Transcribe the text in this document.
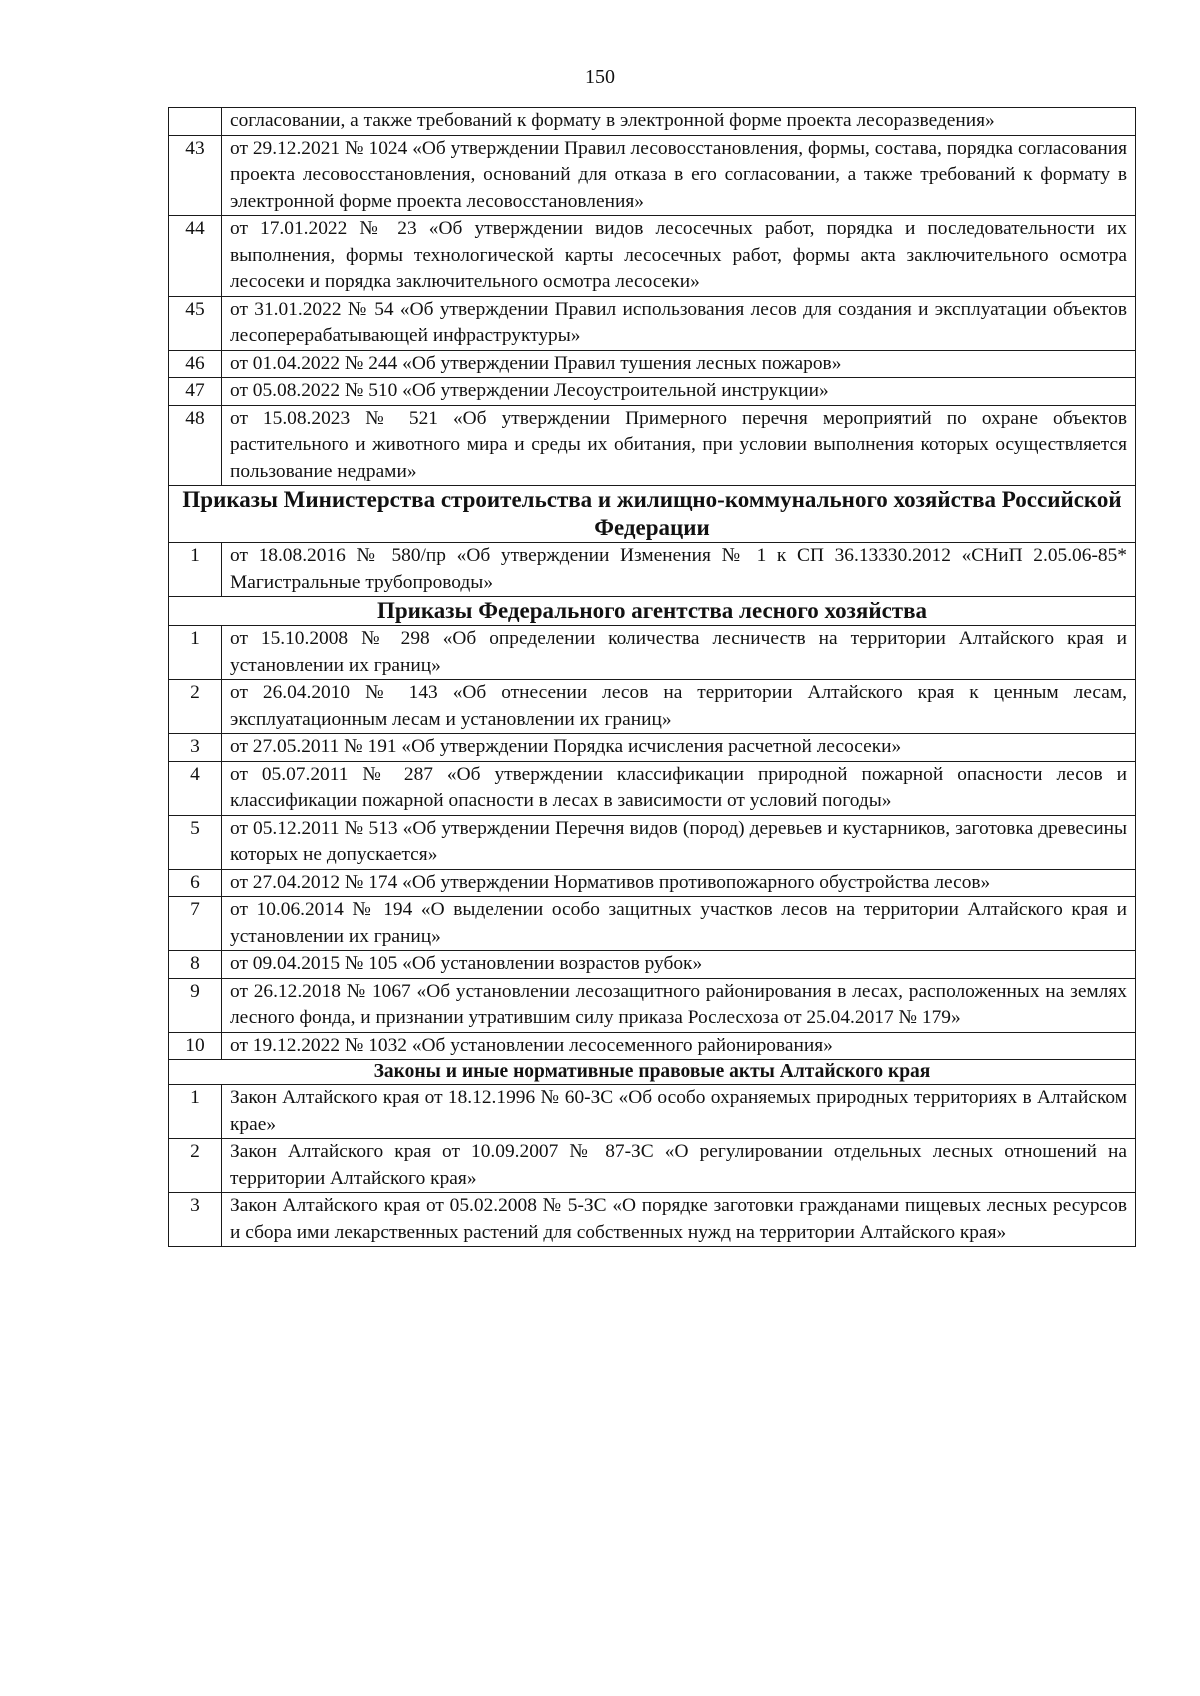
150
	согласовании, а также требований к формату в электронной форме проекта лесоразведения»
43	от 29.12.2021 № 1024 «Об утверждении Правил лесовосстановления, формы, состава, порядка согласования проекта лесовосстановления, оснований для отказа в его согласовании, а также требований к формату в электронной форме проекта лесовосстановления»
44	от 17.01.2022 № 23 «Об утверждении видов лесосечных работ, порядка и последовательности их выполнения, формы технологической карты лесосечных работ, формы акта заключительного осмотра лесосеки и порядка заключительного осмотра лесосеки»
45	от 31.01.2022 № 54 «Об утверждении Правил использования лесов для создания и эксплуатации объектов лесоперерабатывающей инфраструктуры»
46	от 01.04.2022 № 244 «Об утверждении Правил тушения лесных пожаров»
47	от 05.08.2022 № 510 «Об утверждении Лесоустроительной инструкции»
48	от 15.08.2023 № 521 «Об утверждении Примерного перечня мероприятий по охране объектов растительного и животного мира и среды их обитания, при условии выполнения которых осуществляется пользование недрами»
Приказы Министерства строительства и жилищно-коммунального хозяйства Российской Федерации	
1	от 18.08.2016 № 580/пр «Об утверждении Изменения № 1 к СП 36.13330.2012 «СНиП 2.05.06-85* Магистральные трубопроводы»
Приказы Федерального агентства лесного хозяйства	
1	от 15.10.2008 № 298 «Об определении количества лесничеств на территории Алтайского края и установлении их границ»
2	от 26.04.2010 № 143 «Об отнесении лесов на территории Алтайского края к ценным лесам, эксплуатационным лесам и установлении их границ»
3	от 27.05.2011 № 191 «Об утверждении Порядка исчисления расчетной лесосеки»
4	от 05.07.2011 № 287 «Об утверждении классификации природной пожарной опасности лесов и классификации пожарной опасности в лесах в зависимости от условий погоды»
5	от 05.12.2011 № 513 «Об утверждении Перечня видов (пород) деревьев и кустарников, заготовка древесины которых не допускается»
6	от 27.04.2012 № 174 «Об утверждении Нормативов противопожарного обустройства лесов»
7	от 10.06.2014 № 194 «О выделении особо защитных участков лесов на территории Алтайского края и установлении их границ»
8	от 09.04.2015 № 105 «Об установлении возрастов рубок»
9	от 26.12.2018 № 1067 «Об установлении лесозащитного районирования в лесах, расположенных на землях лесного фонда, и признании утратившим силу приказа Рослесхоза от 25.04.2017 № 179»
10	от 19.12.2022 № 1032 «Об установлении лесосеменного районирования»
Законы и иные нормативные правовые акты Алтайского края	
1	Закон Алтайского края от 18.12.1996 № 60-ЗС «Об особо охраняемых природных территориях в Алтайском крае»
2	Закон Алтайского края от 10.09.2007 № 87-ЗС «О регулировании отдельных лесных отношений на территории Алтайского края»
3	Закон Алтайского края от 05.02.2008 № 5-ЗС «О порядке заготовки гражданами пищевых лесных ресурсов и сбора ими лекарственных растений для собственных нужд на территории Алтайского края»
